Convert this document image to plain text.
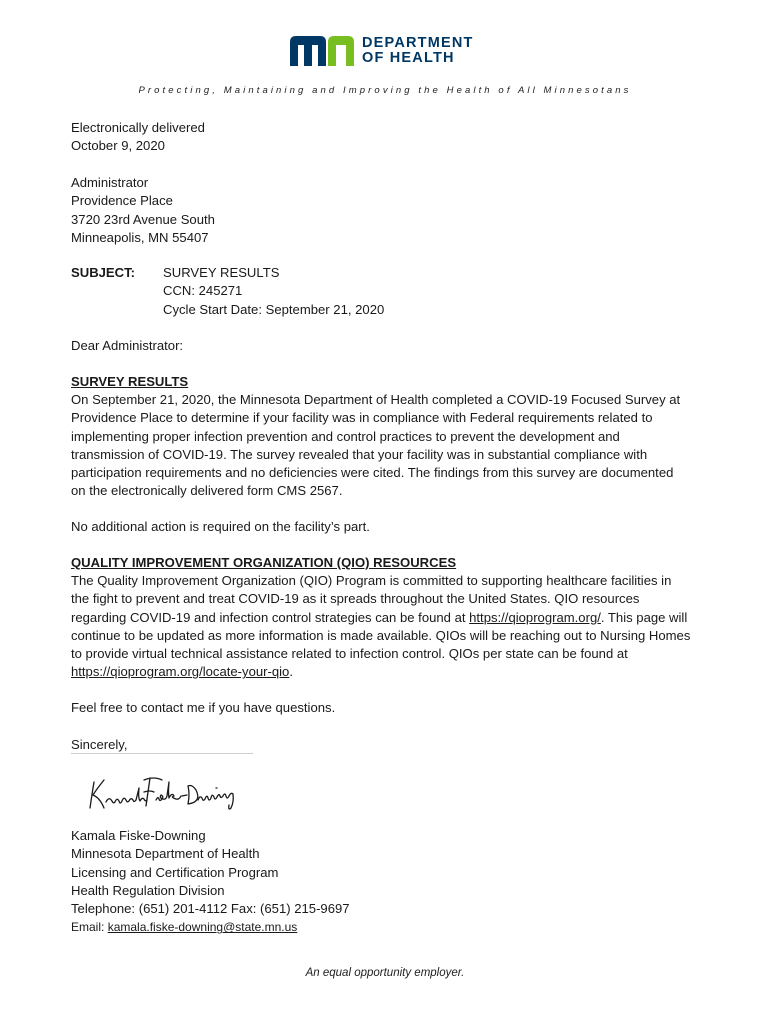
DEPARTMENT
OF HEALTH
Protecting, Maintaining and Improving the Health of All Minnesotans
Electronically delivered
October 9, 2020
Administrator
Providence Place
3720 23rd Avenue South
Minneapolis, MN 55407
SUBJECT: SURVEY RESULTS
CCN: 245271
Cycle Start Date: September 21, 2020
Dear Administrator:
SURVEY RESULTS
On September 21, 2020, the Minnesota Department of Health completed a COVID-19 Focused Survey at
Providence Place to determine if your facility was in compliance with Federal requirements related to
implementing proper infection prevention and control practices to prevent the development and
transmission of COVID-19. The survey revealed that your facility was in substantial compliance with
participation requirements and no deficiencies were cited. The findings from this survey are documented
on the electronically delivered form CMS 2567.
No additional action is required on the facility’s part.
QUALITY IMPROVEMENT ORGANIZATION (QIO) RESOURCES
The Quality Improvement Organization (QIO) Program is committed to supporting healthcare facilities in
the fight to prevent and treat COVID-19 as it spreads throughout the United States. QIO resources
regarding COVID-19 and infection control strategies can be found at https://qioprogram.org/. This page will
continue to be updated as more information is made available. QIOs will be reaching out to Nursing Homes
to provide virtual technical assistance related to infection control. QIOs per state can be found at
https://qioprogram.org/locate-your-qio.
Feel free to contact me if you have questions.
Sincerely,
Kamala Fiske-Downing
Minnesota Department of Health
Licensing and Certification Program
Health Regulation Division
Telephone: (651) 201-4112 Fax: (651) 215-9697
Email: kamala.fiske-downing@state.mn.us
An equal opportunity employer.
